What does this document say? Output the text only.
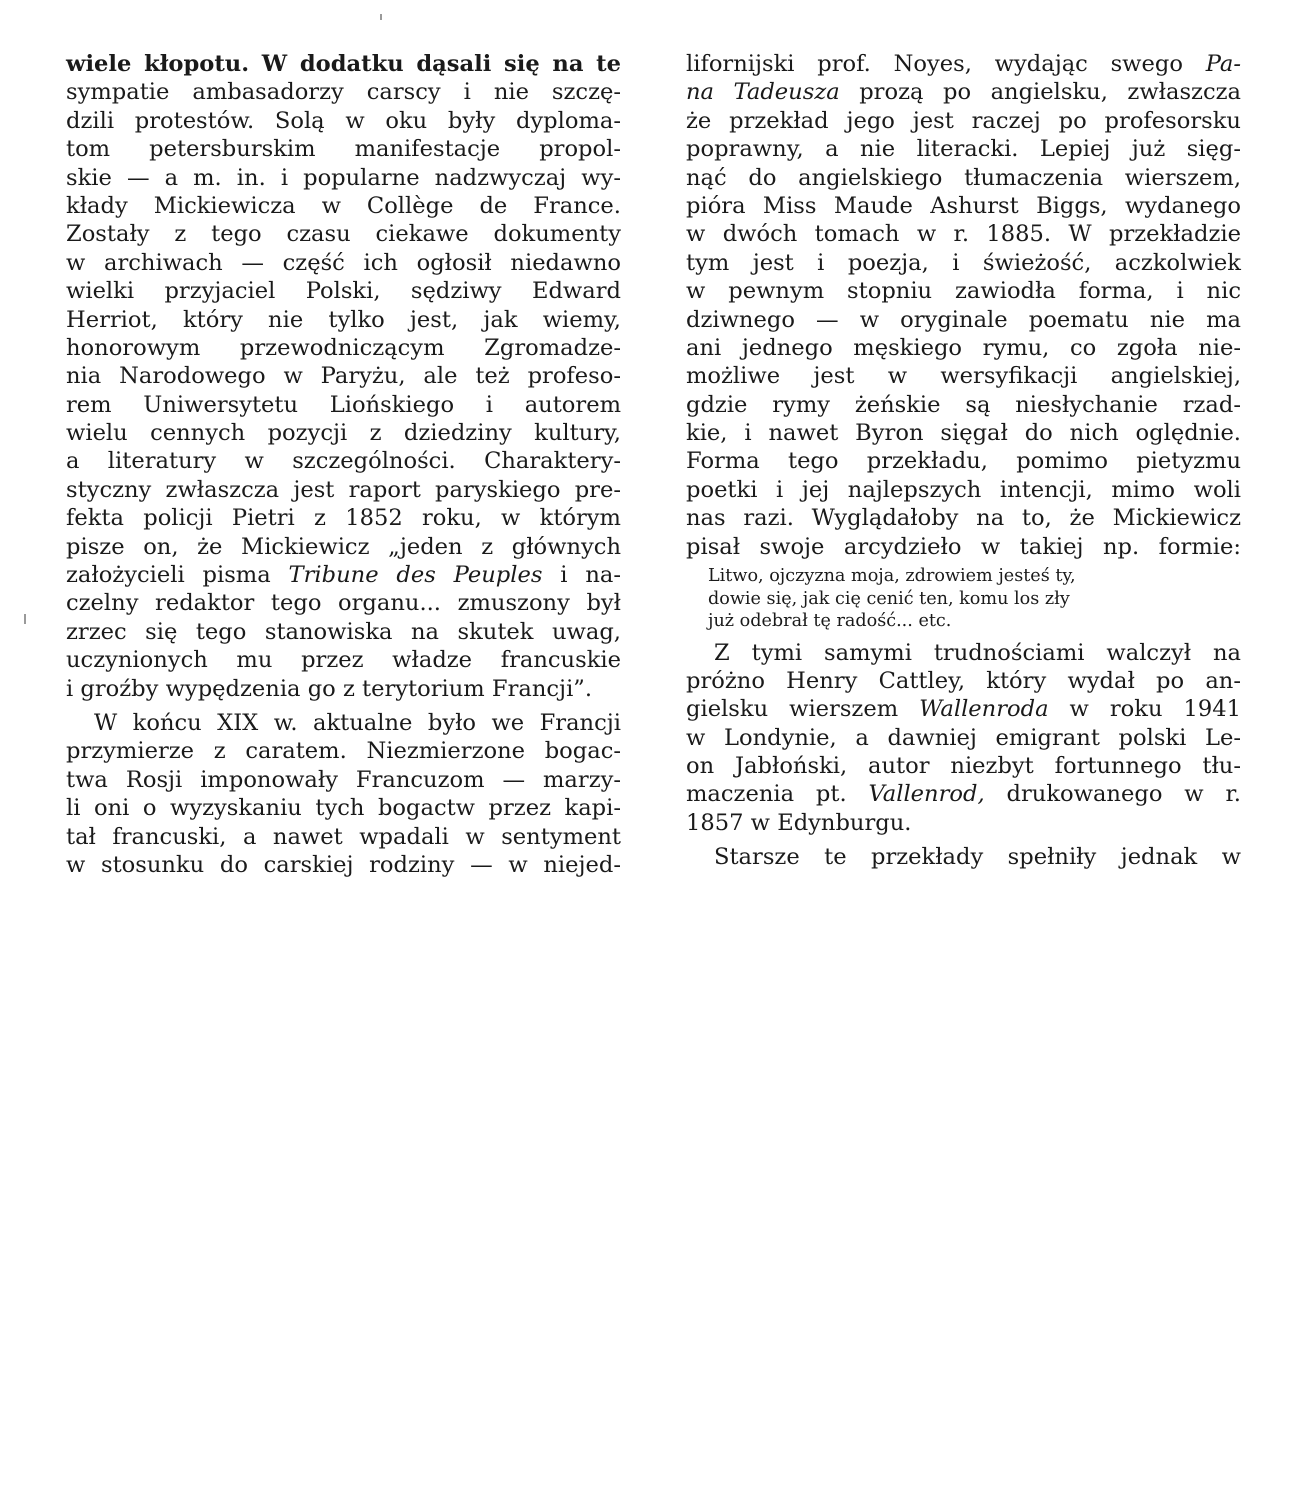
wiele kłopotu. W dodatku dąsali się na te
sympatie ambasadorzy carscy i nie szczę-
dzili protestów. Solą w oku były dyploma-
tom petersburskim manifestacje propol-
skie — a m. in. i popularne nadzwyczaj wy-
kłady Mickiewicza w Collège de France.
Zostały z tego czasu ciekawe dokumenty
w archiwach — część ich ogłosił niedawno
wielki przyjaciel Polski, sędziwy Edward
Herriot, który nie tylko jest, jak wiemy,
honorowym przewodniczącym Zgromadze-
nia Narodowego w Paryżu, ale też profeso-
rem Uniwersytetu Liońskiego i autorem
wielu cennych pozycji z dziedziny kultury,
a literatury w szczególności. Charaktery-
styczny zwłaszcza jest raport paryskiego pre-
fekta policji Pietri z 1852 roku, w którym
pisze on, że Mickiewicz „jeden z głównych
założycieli pisma Tribune des Peuples i na-
czelny redaktor tego organu... zmuszony był
zrzec się tego stanowiska na skutek uwag,
uczynionych mu przez władze francuskie
i groźby wypędzenia go z terytorium Francji”.
W końcu XIX w. aktualne było we Francji
przymierze z caratem. Niezmierzone bogac-
twa Rosji imponowały Francuzom — marzy-
li oni o wyzyskaniu tych bogactw przez kapi-
tał francuski, a nawet wpadali w sentyment
w stosunku do carskiej rodziny — w niejed-
lifornijski prof. Noyes, wydając swego Pa-
na Tadeusza prozą po angielsku, zwłaszcza
że przekład jego jest raczej po profesorsku
poprawny, a nie literacki. Lepiej już sięg-
nąć do angielskiego tłumaczenia wierszem,
pióra Miss Maude Ashurst Biggs, wydanego
w dwóch tomach w r. 1885. W przekładzie
tym jest i poezja, i świeżość, aczkolwiek
w pewnym stopniu zawiodła forma, i nic
dziwnego — w oryginale poematu nie ma
ani jednego męskiego rymu, co zgoła nie-
możliwe jest w wersyfikacji angielskiej,
gdzie rymy żeńskie są niesłychanie rzad-
kie, i nawet Byron sięgał do nich oględnie.
Forma tego przekładu, pomimo pietyzmu
poetki i jej najlepszych intencji, mimo woli
nas razi. Wyglądałoby na to, że Mickiewicz
pisał swoje arcydzieło w takiej np. formie:
Litwo, ojczyzna moja, zdrowiem jesteś ty,
dowie się, jak cię cenić ten, komu los zły
już odebrał tę radość... etc.
Z tymi samymi trudnościami walczył na
próżno Henry Cattley, który wydał po an-
gielsku wierszem Wallenroda w roku 1941
w Londynie, a dawniej emigrant polski Le-
on Jabłoński, autor niezbyt fortunnego tłu-
maczenia pt. Vallenrod, drukowanego w r.
1857 w Edynburgu.
Starsze te przekłady spełniły jednak w
